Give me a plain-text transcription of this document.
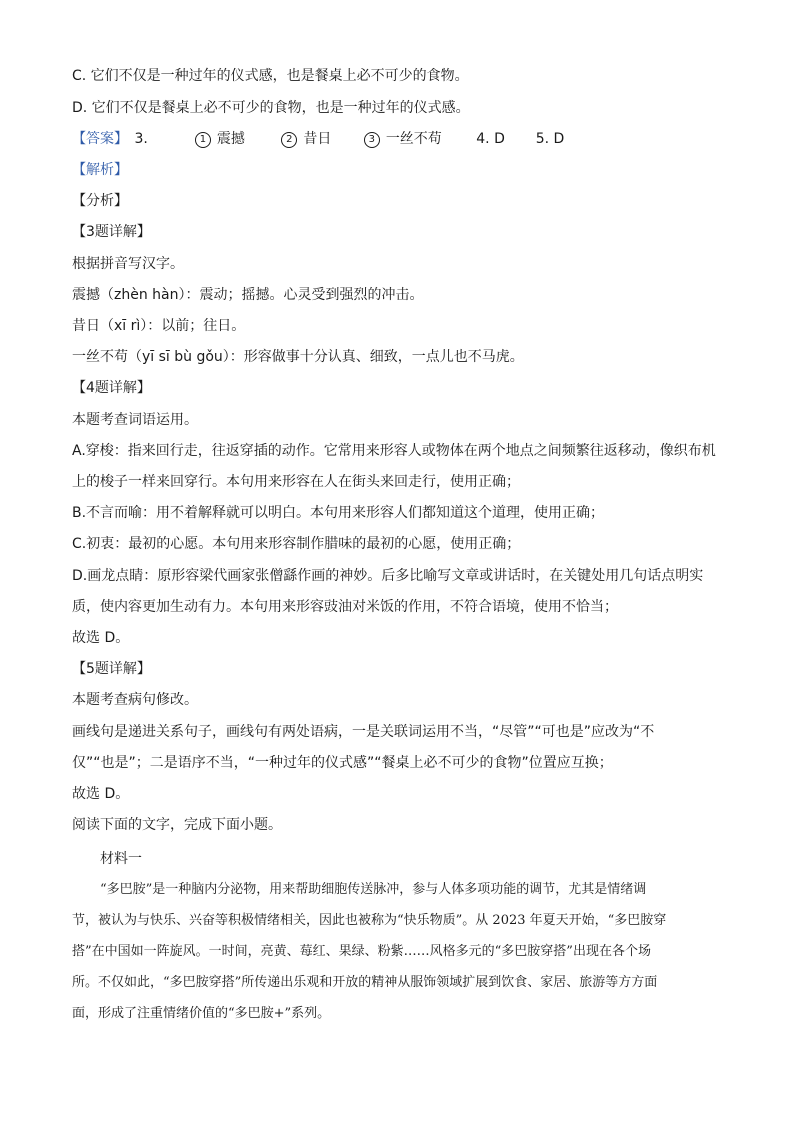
C. 它们不仅是一种过年的仪式感，也是餐桌上必不可少的食物。
D. 它们不仅是餐桌上必不可少的食物，也是一种过年的仪式感。
【答案】 3.	1 震撼	2 昔日	3 一丝不苟 4. D 5. D
【解析】
【分析】
【3题详解】
根据拼音写汉字。
震撼（zhèn hàn）：震动；摇撼。心灵受到强烈的冲击。
昔日（xī rì）：以前；往日。
一丝不苟（yī sī bù gǒu）：形容做事十分认真、细致，一点儿也不马虎。
【4题详解】
本题考查词语运用。
A.穿梭：指来回行走，往返穿插的动作。它常用来形容人或物体在两个地点之间频繁往返移动，像织布机
上的梭子一样来回穿行。本句用来形容在人在街头来回走行，使用正确；
B.不言而喻：用不着解释就可以明白。本句用来形容人们都知道这个道理，使用正确；
C.初衷：最初的心愿。本句用来形容制作腊味的最初的心愿，使用正确；
D.画龙点睛：原形容梁代画家张僧繇作画的神妙。后多比喻写文章或讲话时，在关键处用几句话点明实
质，使内容更加生动有力。本句用来形容豉油对米饭的作用，不符合语境，使用不恰当；
故选 D。
【5题详解】
本题考查病句修改。
画线句是递进关系句子，画线句有两处语病，一是关联词运用不当，“尽管”“可也是”应改为“不
仅”“也是”；二是语序不当，“一种过年的仪式感”“餐桌上必不可少的食物”位置应互换；
故选 D。
阅读下面的文字，完成下面小题。
材料一
“多巴胺”是一种脑内分泌物，用来帮助细胞传送脉冲，参与人体多项功能的调节，尤其是情绪调
节，被认为与快乐、兴奋等积极情绪相关，因此也被称为“快乐物质”。从 2023 年夏天开始，“多巴胺穿
搭”在中国如一阵旋风。一时间，亮黄、莓红、果绿、粉紫……风格多元的“多巴胺穿搭”出现在各个场
所。不仅如此，“多巴胺穿搭”所传递出乐观和开放的精神从服饰领域扩展到饮食、家居、旅游等方方面
面，形成了注重情绪价值的“多巴胺+”系列。
